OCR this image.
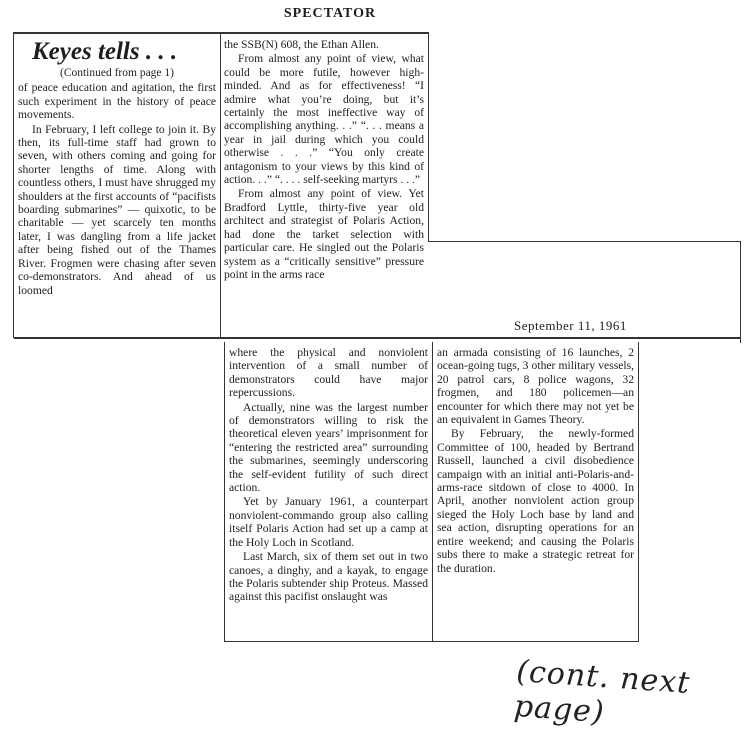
SPECTATOR

Keyes tells . . .

(Continued from page 1)

of peace education and agitation, the first such experiment in the history of peace movements.

In February, I left college to join it. By then, its full-time staff had grown to seven, with others coming and going for shorter lengths of time. Along with countless others, I must have shrugged my shoulders at the first accounts of “pacifists boarding submarines” — quixotic, to be charitable — yet scarcely ten months later, I was dangling from a life jacket after being fished out of the Thames River. Frogmen were chasing after seven co-demonstrators. And ahead of us loomed

the SSB(N) 608, the Ethan Allen.

From almost any point of view, what could be more futile, however high-minded. And as for effectiveness! “I admire what you’re doing, but it’s certainly the most ineffective way of accomplishing anything. . .” “. . . means a year in jail during which you could otherwise . . .” “You only create antagonism to your views by this kind of action. . .” “. . . . self-seeking martyrs . . .”

From almost any point of view. Yet Bradford Lyttle, thirty-five year old architect and strategist of Polaris Action, had done the tarket selection with particular care. He singled out the Polaris system as a “critically sensitive” pressure point in the arms race

September 11, 1961

where the physical and nonviolent intervention of a small number of demonstrators could have major repercussions.

Actually, nine was the largest number of demonstrators willing to risk the theoretical eleven years’ imprisonment for “entering the restricted area” surrounding the submarines, seemingly underscoring the self-evident futility of such direct action.

Yet by January 1961, a counterpart nonviolent-commando group also calling itself Polaris Action had set up a camp at the Holy Loch in Scotland.

Last March, six of them set out in two canoes, a dinghy, and a kayak, to engage the Polaris subtender ship Proteus. Massed against this pacifist onslaught was

an armada consisting of 16 launches, 2 ocean-going tugs, 3 other military vessels, 20 patrol cars, 8 police wagons, 32 frogmen, and 180 policemen—an encounter for which there may not yet be an equivalent in Games Theory.

By February, the newly-formed Committee of 100, headed by Bertrand Russell, launched a civil disobedience campaign with an initial anti-Polaris-and-arms-race sitdown of close to 4000. In April, another nonviolent action group sieged the Holy Loch base by land and sea action, disrupting operations for an entire weekend; and causing the Polaris subs there to make a strategic retreat for the duration.

(cont. next page)
